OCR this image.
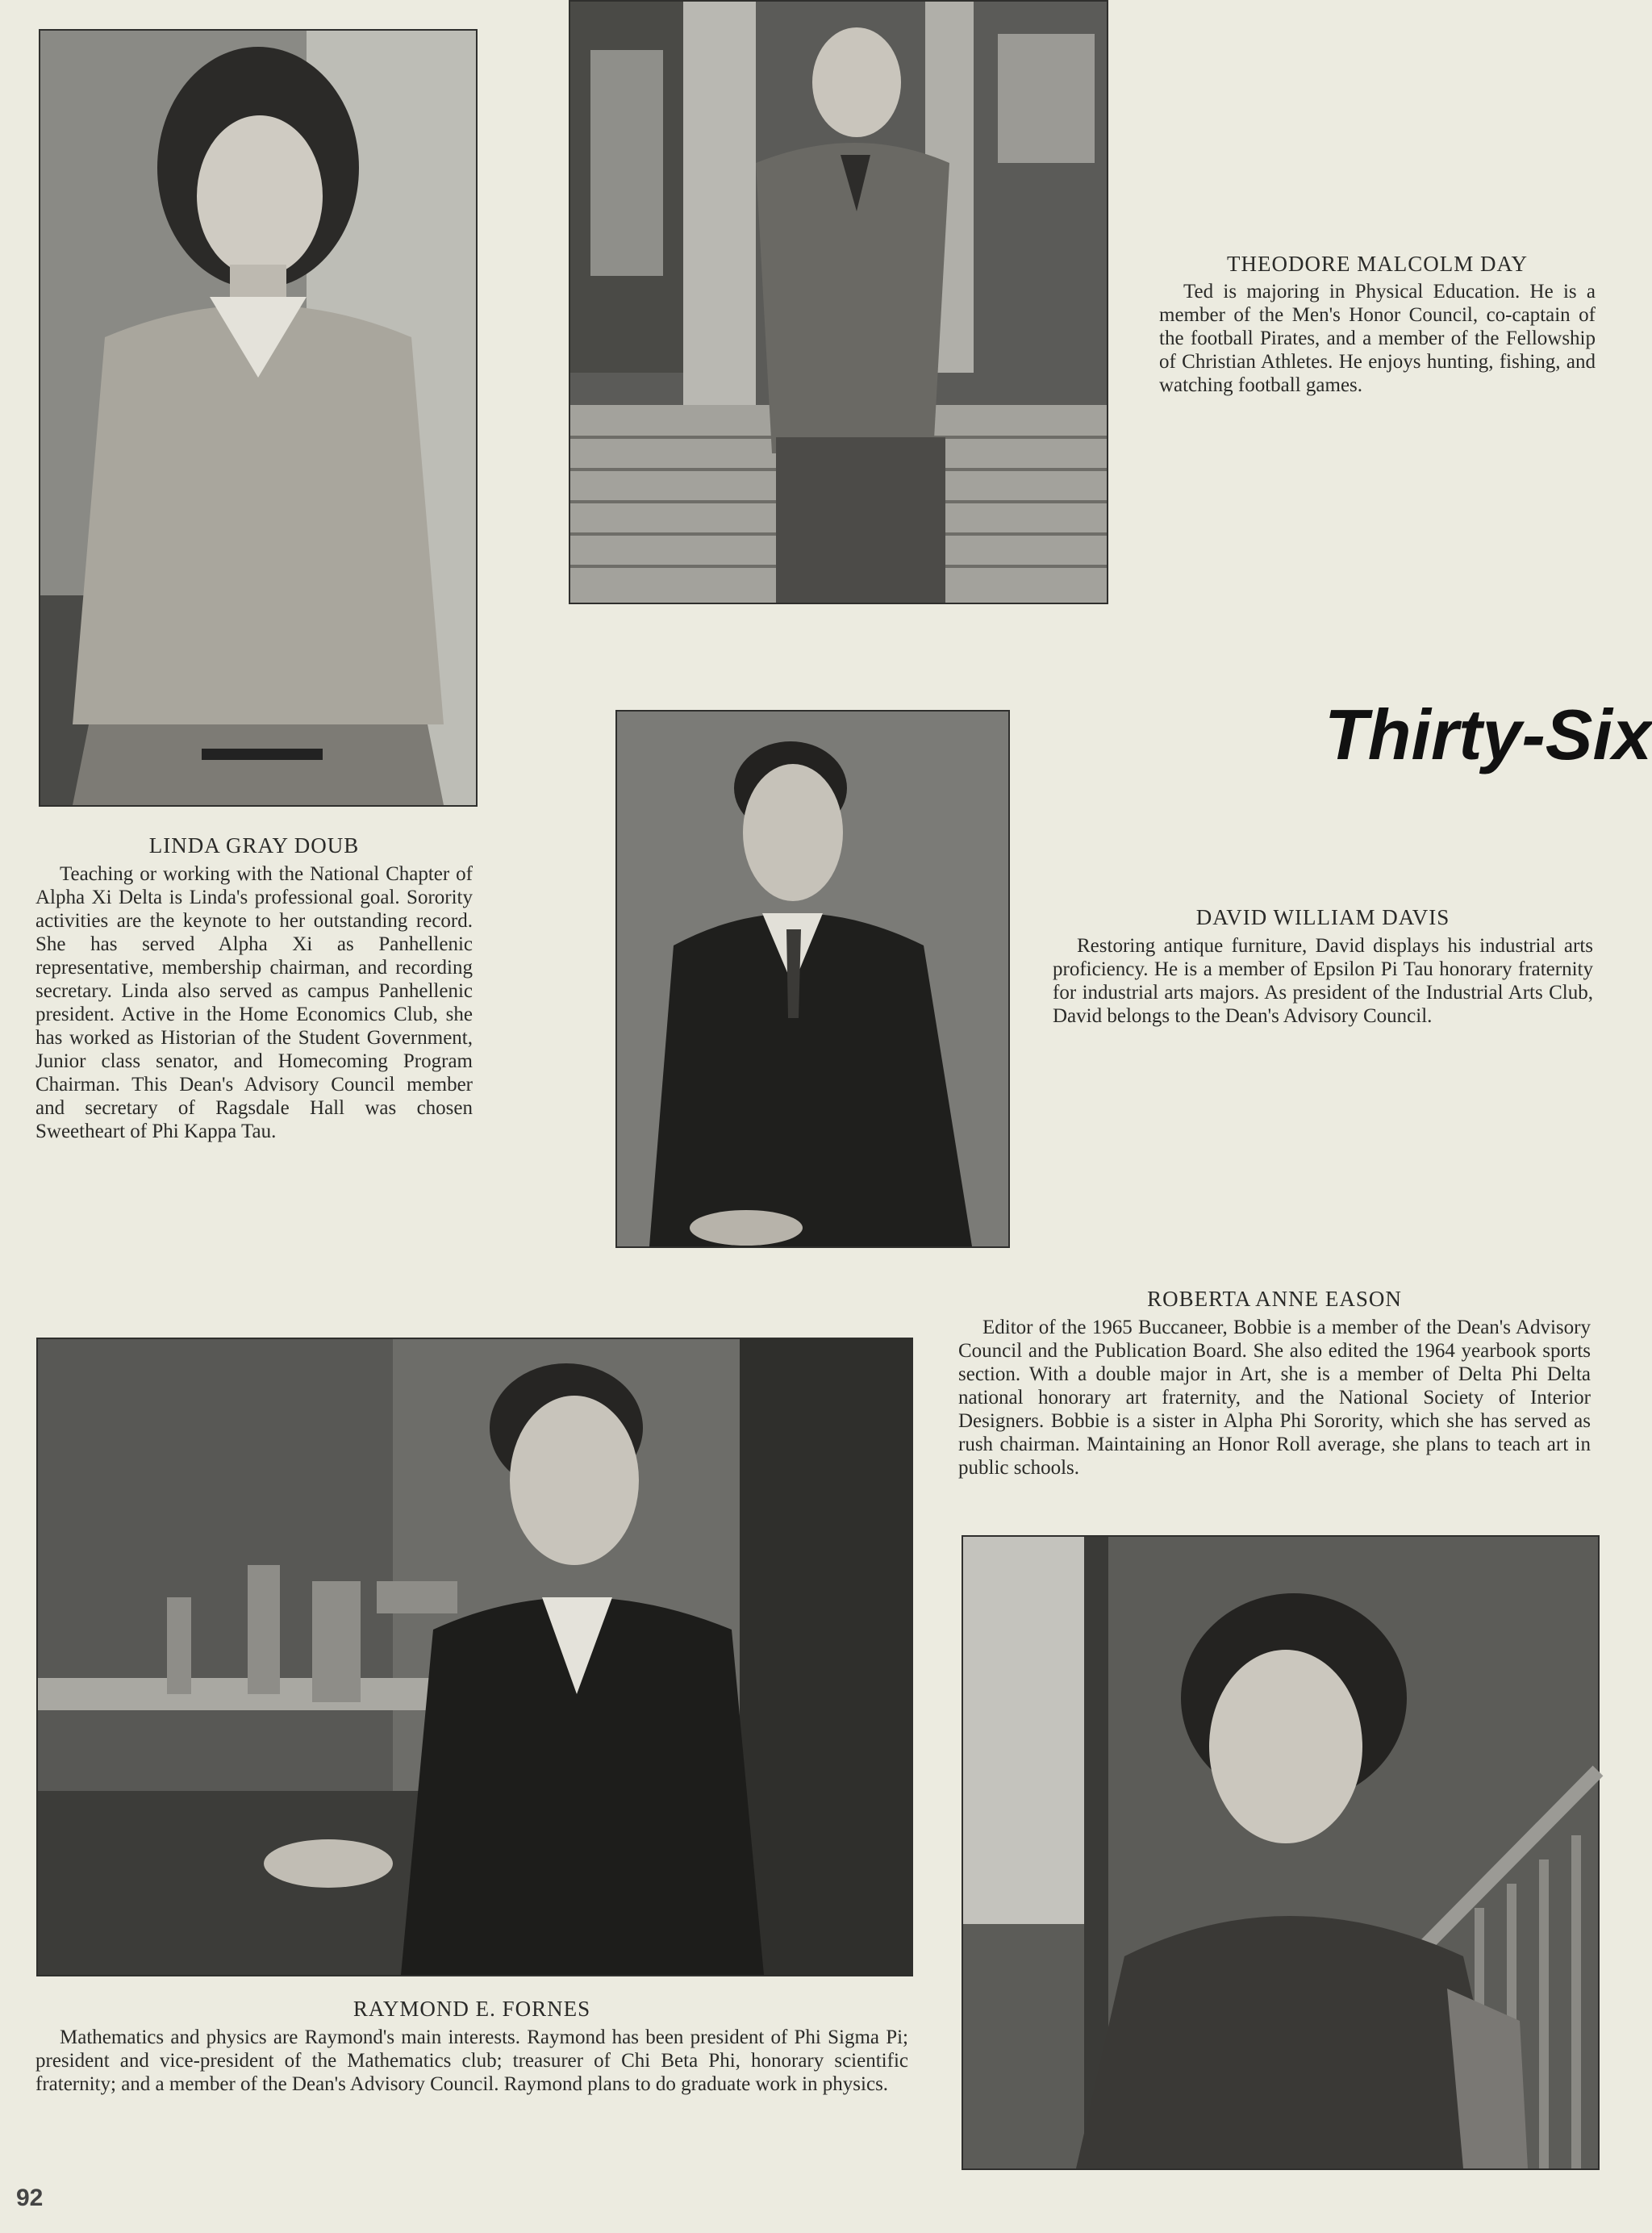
THEODORE MALCOLM DAY

Ted is majoring in Physical Education. He is a member of the Men's Honor Council, co-captain of the football Pirates, and a member of the Fellowship of Christian Athletes. He enjoys hunting, fishing, and watching football games.

Thirty-Six
LINDA GRAY DOUB

Teaching or working with the National Chapter of Alpha Xi Delta is Linda's professional goal. Sorority activities are the keynote to her outstanding record. She has served Alpha Xi as Panhellenic representative, membership chairman, and recording secretary. Linda also served as campus Panhellenic president. Active in the Home Economics Club, she has worked as Historian of the Student Government, Junior class senator, and Homecoming Program Chairman. This Dean's Advisory Council member and secretary of Ragsdale Hall was chosen Sweetheart of Phi Kappa Tau.

DAVID WILLIAM DAVIS

Restoring antique furniture, David displays his industrial arts proficiency. He is a member of Epsilon Pi Tau honorary fraternity for industrial arts majors. As president of the Industrial Arts Club, David belongs to the Dean's Advisory Council.

ROBERTA ANNE EASON

Editor of the 1965 Buccaneer, Bobbie is a member of the Dean's Advisory Council and the Publication Board. She also edited the 1964 yearbook sports section. With a double major in Art, she is a member of Delta Phi Delta national honorary art fraternity, and the National Society of Interior Designers. Bobbie is a sister in Alpha Phi Sorority, which she has served as rush chairman. Maintaining an Honor Roll average, she plans to teach art in public schools.

RAYMOND E. FORNES

Mathematics and physics are Raymond's main interests. Raymond has been president of Phi Sigma Pi; president and vice-president of the Mathematics club; treasurer of Chi Beta Phi, honorary scientific fraternity; and a member of the Dean's Advisory Council. Raymond plans to do graduate work in physics.

92
